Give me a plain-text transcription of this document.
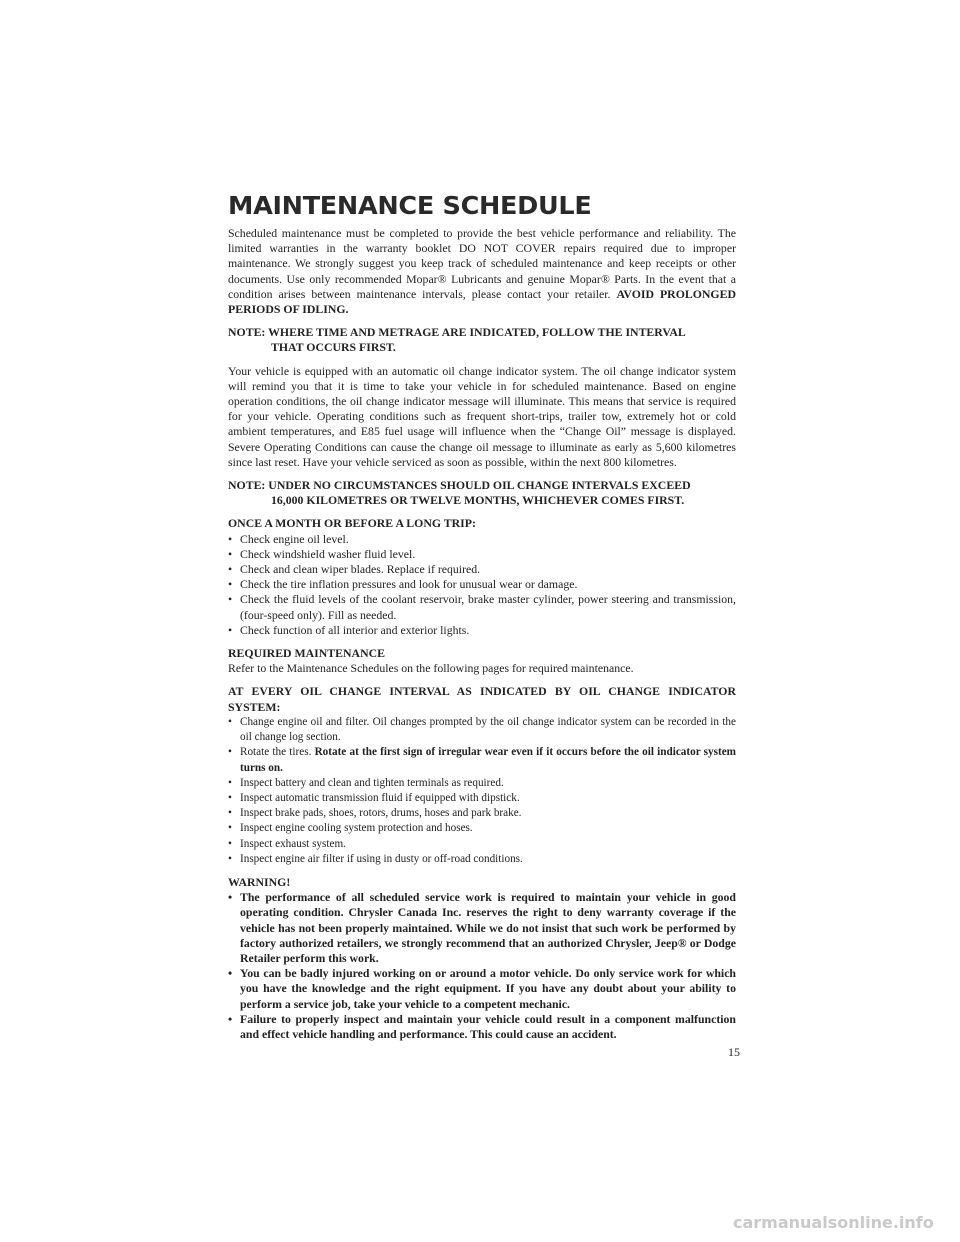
MAINTENANCE SCHEDULE

Scheduled maintenance must be completed to provide the best vehicle performance and reliability. The limited warranties in the warranty booklet DO NOT COVER repairs required due to improper maintenance. We strongly suggest you keep track of scheduled maintenance and keep receipts or other documents. Use only recommended Mopar® Lubricants and genuine Mopar® Parts. In the event that a condition arises between maintenance intervals, please contact your retailer. AVOID PROLONGED PERIODS OF IDLING.

NOTE: WHERE TIME AND METRAGE ARE INDICATED, FOLLOW THE INTERVAL
THAT OCCURS FIRST.

Your vehicle is equipped with an automatic oil change indicator system. The oil change indicator system will remind you that it is time to take your vehicle in for scheduled maintenance. Based on engine operation conditions, the oil change indicator message will illuminate. This means that service is required for your vehicle. Operating conditions such as frequent short-trips, trailer tow, extremely hot or cold ambient temperatures, and E85 fuel usage will influence when the “Change Oil” message is displayed. Severe Operating Conditions can cause the change oil message to illuminate as early as 5,600 kilometres since last reset. Have your vehicle serviced as soon as possible, within the next 800 kilometres.

NOTE: UNDER NO CIRCUMSTANCES SHOULD OIL CHANGE INTERVALS EXCEED
16,000 KILOMETRES OR TWELVE MONTHS, WHICHEVER COMES FIRST.

ONCE A MONTH OR BEFORE A LONG TRIP:

• Check engine oil level.
• Check windshield washer fluid level.
• Check and clean wiper blades. Replace if required.
• Check the tire inflation pressures and look for unusual wear or damage.
• Check the fluid levels of the coolant reservoir, brake master cylinder, power steering and transmission, (four-speed only). Fill as needed.
• Check function of all interior and exterior lights.

REQUIRED MAINTENANCE

Refer to the Maintenance Schedules on the following pages for required maintenance.

AT EVERY OIL CHANGE INTERVAL AS INDICATED BY OIL CHANGE INDICATOR SYSTEM:

• Change engine oil and filter. Oil changes prompted by the oil change indicator system can be recorded in the oil change log section.
• Rotate the tires. Rotate at the first sign of irregular wear even if it occurs before the oil indicator system turns on.
• Inspect battery and clean and tighten terminals as required.
• Inspect automatic transmission fluid if equipped with dipstick.
• Inspect brake pads, shoes, rotors, drums, hoses and park brake.
• Inspect engine cooling system protection and hoses.
• Inspect exhaust system.
• Inspect engine air filter if using in dusty or off-road conditions.

WARNING!

• The performance of all scheduled service work is required to maintain your vehicle in good operating condition. Chrysler Canada Inc. reserves the right to deny warranty coverage if the vehicle has not been properly maintained. While we do not insist that such work be performed by factory authorized retailers, we strongly recommend that an authorized Chrysler, Jeep® or Dodge Retailer perform this work.
• You can be badly injured working on or around a motor vehicle. Do only service work for which you have the knowledge and the right equipment. If you have any doubt about your ability to perform a service job, take your vehicle to a competent mechanic.
• Failure to properly inspect and maintain your vehicle could result in a component malfunction and effect vehicle handling and performance. This could cause an accident.
15
carmanualsonline.info
